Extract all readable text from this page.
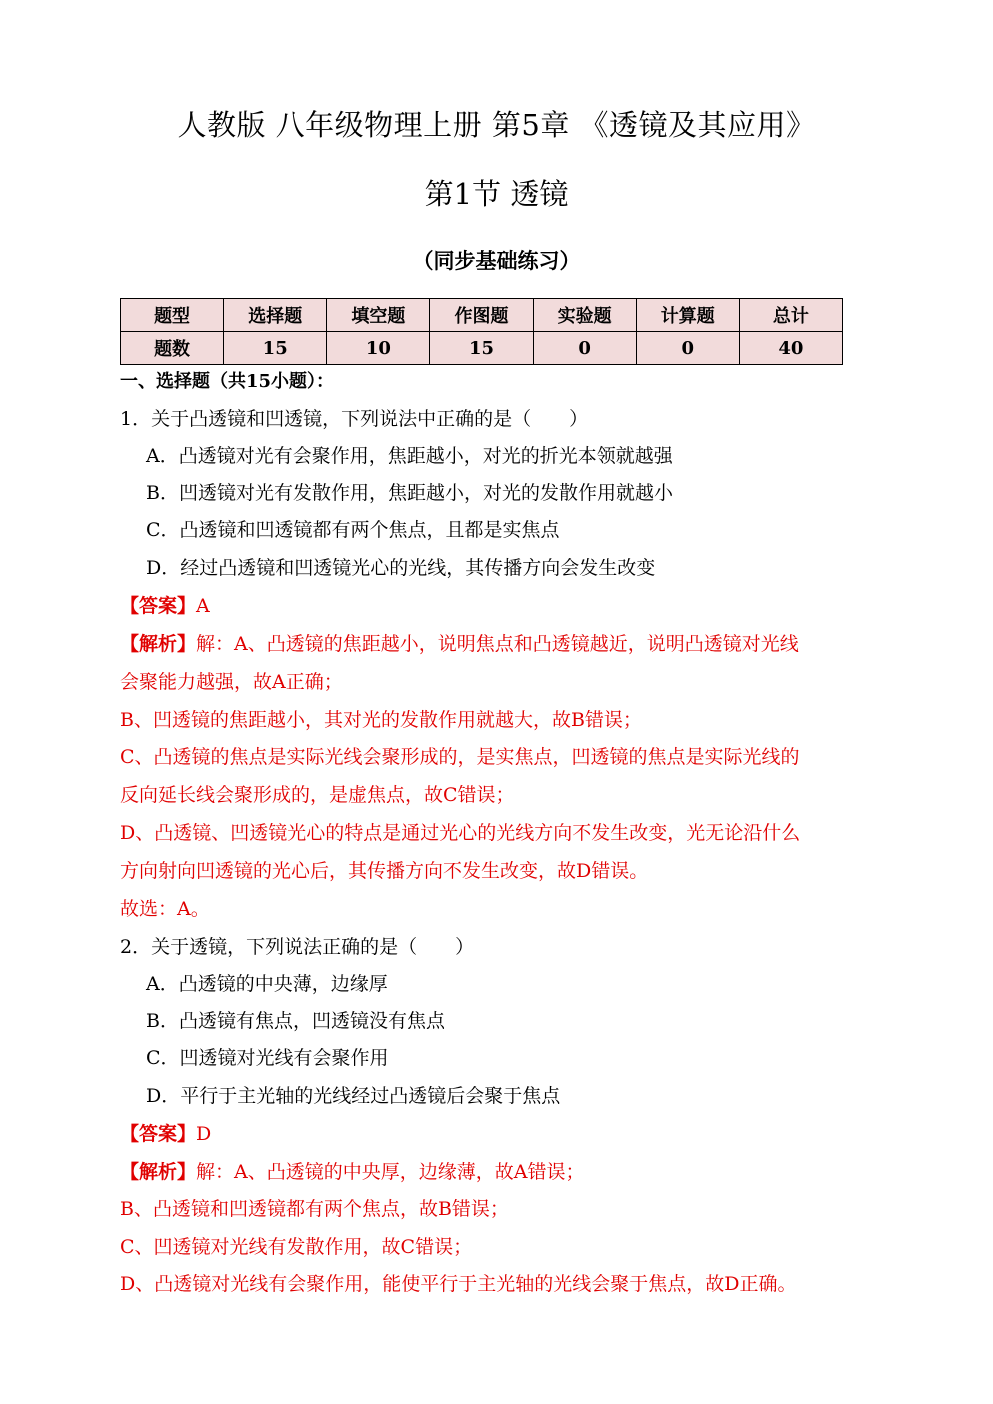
人教版 八年级物理上册 第5章 《透镜及其应用》
第1节 透镜
（同步基础练习）
题型	选择题	填空题	作图题	实验题	计算题	总计
题数	15	10	15	0	0	40
一、选择题（共15小题）：
1．关于凸透镜和凹透镜，下列说法中正确的是（　　）
A．凸透镜对光有会聚作用，焦距越小，对光的折光本领就越强
B．凹透镜对光有发散作用，焦距越小，对光的发散作用就越小
C．凸透镜和凹透镜都有两个焦点，且都是实焦点
D．经过凸透镜和凹透镜光心的光线，其传播方向会发生改变
【答案】A
【解析】解：A、凸透镜的焦距越小，说明焦点和凸透镜越近，说明凸透镜对光线
会聚能力越强，故A正确；
B、凹透镜的焦距越小，其对光的发散作用就越大，故B错误；
C、凸透镜的焦点是实际光线会聚形成的，是实焦点，凹透镜的焦点是实际光线的
反向延长线会聚形成的，是虚焦点，故C错误；
D、凸透镜、凹透镜光心的特点是通过光心的光线方向不发生改变，光无论沿什么
方向射向凹透镜的光心后，其传播方向不发生改变，故D错误。
故选：A。
2．关于透镜，下列说法正确的是（　　）
A．凸透镜的中央薄，边缘厚
B．凸透镜有焦点，凹透镜没有焦点
C．凹透镜对光线有会聚作用
D．平行于主光轴的光线经过凸透镜后会聚于焦点
【答案】D
【解析】解：A、凸透镜的中央厚，边缘薄，故A错误；
B、凸透镜和凹透镜都有两个焦点，故B错误；
C、凹透镜对光线有发散作用，故C错误；
D、凸透镜对光线有会聚作用，能使平行于主光轴的光线会聚于焦点，故D正确。
